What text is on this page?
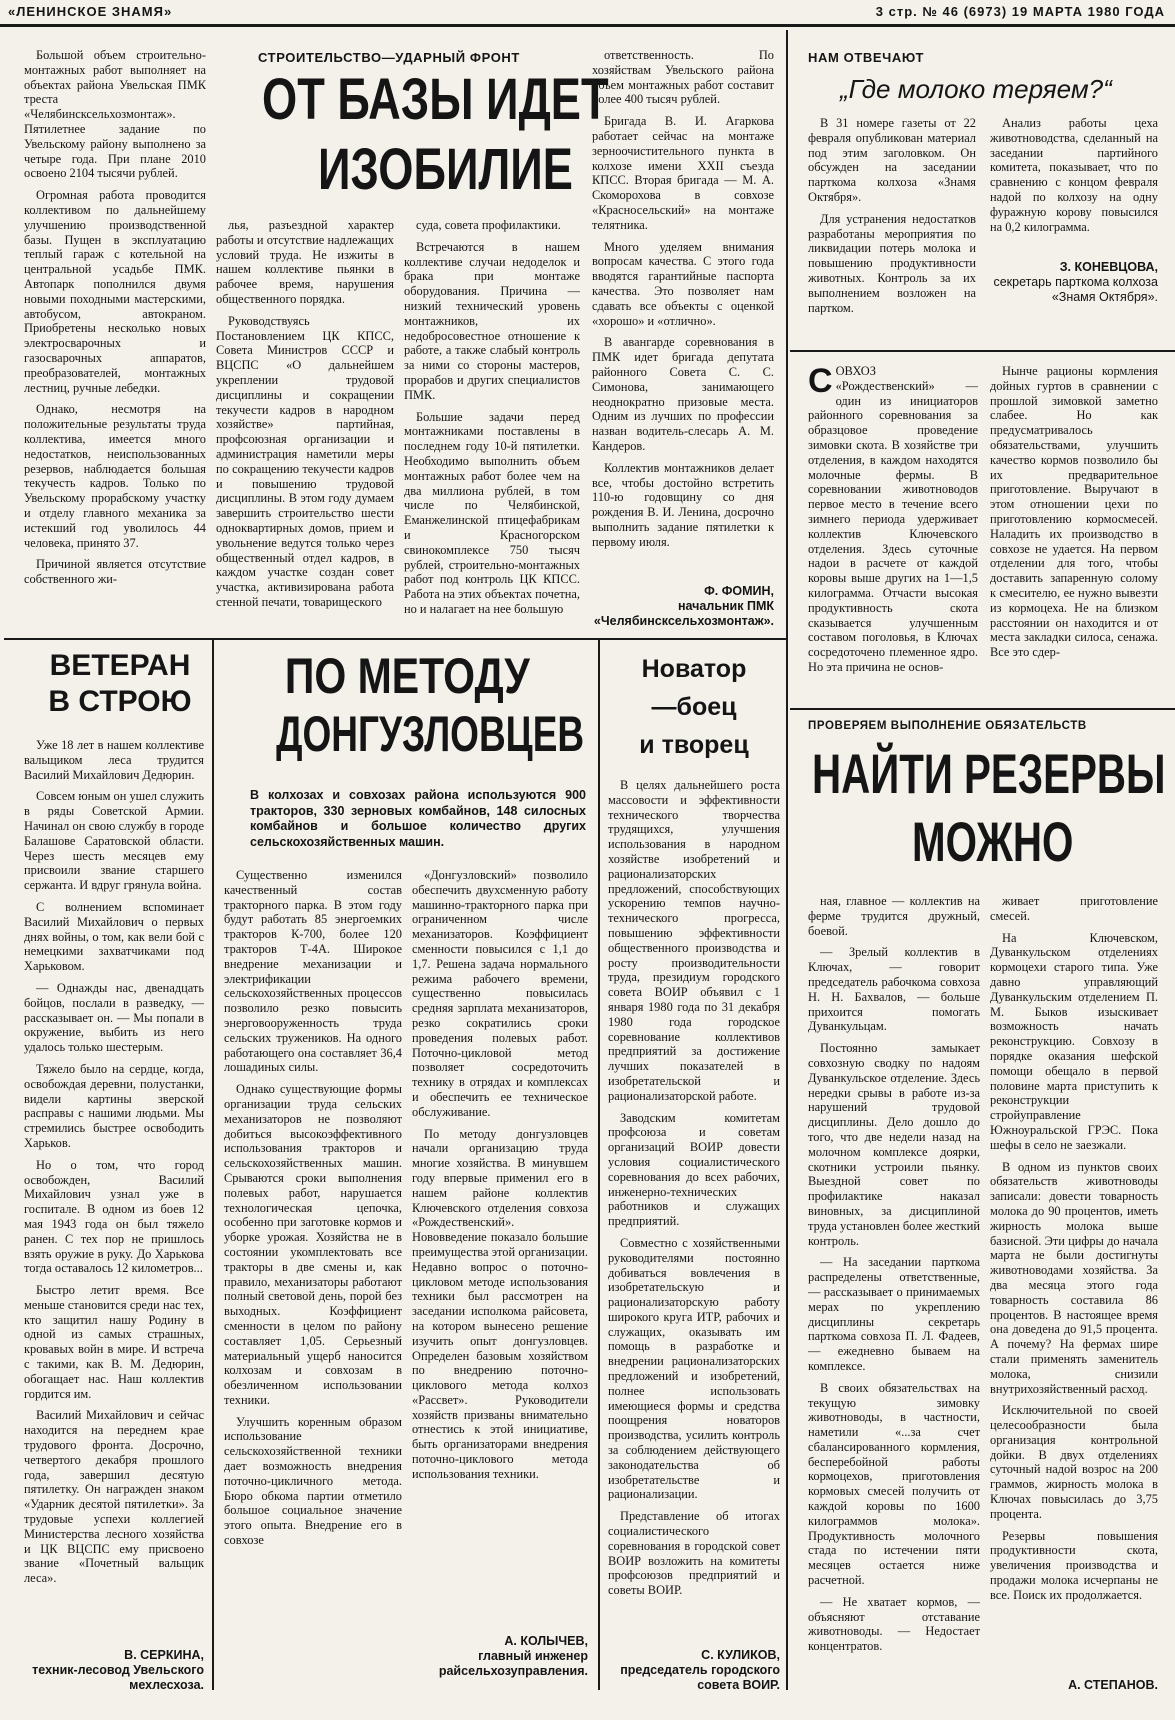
«ЛЕНИНСКОЕ ЗНАМЯ»	3 стр. № 46 (6973) 19 МАРТА 1980 ГОДА
СТРОИТЕЛЬСТВО—УДАРНЫЙ ФРОНТ
ОТ БАЗЫ ИДЕТ
ИЗОБИЛИЕ

Большой объем строительно-монтажных работ выполняет на объектах района Увельская ПМК треста «Челябинсксельхозмонтаж». Пятилетнее задание по Увельскому району выполнено за четыре года. При плане 2010 освоено 2104 тысячи рублей.

Огромная работа проводится коллективом по дальнейшему улучшению производственной базы. Пущен в эксплуатацию теплый гараж с котельной на центральной усадьбе ПМК. Автопарк пополнился двумя новыми походными мастерскими, автобусом, автокраном. Приобретены несколько новых электросварочных и газосварочных аппаратов, преобразователей, монтажных лестниц, ручные лебедки.

Однако, несмотря на положительные результаты труда коллектива, имеется много недостатков, неиспользованных резервов, наблюдается большая текучесть кадров. Только по Увельскому прорабскому участку и отделу главного механика за истекший год уволилось 44 человека, принято 37.

Причиной является отсутствие собственного жи-

лья, разъездной характер работы и отсутствие надлежащих условий труда. Не изжиты в нашем коллективе пьянки в рабочее время, нарушения общественного порядка.

Руководствуясь Постановлением ЦК КПСС, Совета Министров СССР и ВЦСПС «О дальнейшем укреплении трудовой дисциплины и сокращении текучести кадров в народном хозяйстве» партийная, профсоюзная организации и администрация наметили меры по сокращению текучести кадров и повышению трудовой дисциплины. В этом году думаем завершить строительство шести одноквартирных домов, прием и увольнение ведутся только через общественный отдел кадров, в каждом участке создан совет участка, активизирована работа стенной печати, товарищеского

суда, совета профилактики.

Встречаются в нашем коллективе случаи недоделок и брака при монтаже оборудования. Причина — низкий технический уровень монтажников, их недобросовестное отношение к работе, а также слабый контроль за ними со стороны мастеров, прорабов и других специалистов ПМК.

Большие задачи перед монтажниками поставлены в последнем году 10-й пятилетки. Необходимо выполнить объем монтажных работ более чем на два миллиона рублей, в том числе по Челябинской, Еманжелинской птицефабрикам и Красногорском свинокомплексе 750 тысяч рублей, строительно-монтажных работ под контроль ЦК КПСС. Работа на этих объектах почетна, но и налагает на нее большую

ответственность. По хозяйствам Увельского района объем монтажных работ составит более 400 тысяч рублей.

Бригада В. И. Агаркова работает сейчас на монтаже зерноочистительного пункта в колхозе имени XXII съезда КПСС. Вторая бригада — М. А. Скоморохова в совхозе «Красносельский» на монтаже телятника.

Много уделяем внимания вопросам качества. С этого года вводятся гарантийные паспорта качества. Это позволяет нам сдавать все объекты с оценкой «хорошо» и «отлично».

В авангарде соревнования в ПМК идет бригада депутата районного Совета С. С. Симонова, занимающего неоднократно призовые места. Одним из лучших по профессии назван водитель-слесарь А. М. Кандеров.

Коллектив монтажников делает все, чтобы достойно встретить 110-ю годовщину со дня рождения В. И. Ленина, досрочно выполнить задание пятилетки к первому июля.

Ф. ФОМИН,
начальник ПМК «Челябинсксельхозмонтаж».
НАМ ОТВЕЧАЮТ
„Где молоко теряем?“

В 31 номере газеты от 22 февраля опубликован материал под этим заголовком. Он обсужден на заседании парткома колхоза «Знамя Октября».

Для устранения недостатков разработаны мероприятия по ликвидации потерь молока и повышению продуктивности животных. Контроль за их выполнением возложен на партком.

Анализ работы цеха животноводства, сделанный на заседании партийного комитета, показывает, что по сравнению с концом февраля надой по колхозу на одну фуражную корову повысился на 0,2 килограмма.

З. КОНЕВЦОВА,
секретарь парткома колхоза «Знамя Октября».
СОВХОЗ «Рождественский» — один из инициаторов районного соревнования за образцовое проведение зимовки скота. В хозяйстве три отделения, в каждом находятся молочные фермы. В соревновании животноводов первое место в течение всего зимнего периода удерживает коллектив Ключевского отделения. Здесь суточные надои в расчете от каждой коровы выше других на 1—1,5 килограмма. Отчасти высокая продуктивность скота сказывается улучшенным составом поголовья, в Ключах сосредоточено племенное ядро. Но эта причина не основ-

Нынче рационы кормления дойных гуртов в сравнении с прошлой зимовкой заметно слабее. Но как предусматривалось обязательствами, улучшить качество кормов позволило бы их предварительное приготовление. Выручают в этом отношении цехи по приготовлению кормосмесей. Наладить их производство в совхозе не удается. На первом отделении для того, чтобы доставить запаренную солому к смесителю, ее нужно вывезти из кормоцеха. Не на близком расстоянии он находится и от места закладки силоса, сенажа. Все это сдер-

ПРОВЕРЯЕМ ВЫПОЛНЕНИЕ ОБЯЗАТЕЛЬСТВ
НАЙТИ РЕЗЕРВЫ
МОЖНО

ная, главное — коллектив на ферме трудится дружный, боевой.

— Зрелый коллектив в Ключах, — говорит председатель рабочкома совхоза Н. Н. Бахвалов, — больше прихоится помогать Дуванкульцам.

Постоянно замыкает совхозную сводку по надоям Дуванкульское отделение. Здесь нередки срывы в работе из-за нарушений трудовой дисциплины. Дело дошло до того, что две недели назад на молочном комплексе доярки, скотники устроили пьянку. Выездной совет по профилактике наказал виновных, за дисциплиной труда установлен более жесткий контроль.

— На заседании парткома распределены ответственные, — рассказывает о принимаемых мерах по укреплению дисциплины секретарь парткома совхоза П. Л. Фадеев, — ежедневно бываем на комплексе.

В своих обязательствах на текущую зимовку животноводы, в частности, наметили «...за счет сбалансированного кормления, бесперебойной работы кормоцехов, приготовления кормовых смесей получить от каждой коровы по 1600 килограммов молока». Продуктивность молочного стада по истечении пяти месяцев остается ниже расчетной.

— Не хватает кормов, — объясняют отставание животноводы. — Недостает концентратов.

живает приготовление смесей.

На Ключевском, Дуванкульском отделениях кормоцехи старого типа. Уже давно управляющий Дуванкульским отделением П. М. Быков изыскивает возможность начать реконструкцию. Совхозу в порядке оказания шефской помощи обещало в первой половине марта приступить к реконструкции стройуправление Южноуральской ГРЭС. Пока шефы в село не заезжали.

В одном из пунктов своих обязательств животноводы записали: довести товарность молока до 90 процентов, иметь жирность молока выше базисной. Эти цифры до начала марта не были достигнуты животноводами хозяйства. За два месяца этого года товарность составила 86 процентов. В настоящее время она доведена до 91,5 процента. А почему? На фермах шире стали применять заменитель молока, снизили внутрихозяйственный расход.

Исключительной по своей целесообразности была организация контрольной дойки. В двух отделениях суточный надой возрос на 200 граммов, жирность молока в Ключах повысилась до 3,75 процента.

Резервы повышения продуктивности скота, увеличения производства и продажи молока исчерпаны не все. Поиск их продолжается.

А. СТЕПАНОВ.
ВЕТЕРАН
В СТРОЮ

Уже 18 лет в нашем коллективе вальщиком леса трудится Василий Михайлович Дедюрин.

Совсем юным он ушел служить в ряды Советской Армии. Начинал он свою службу в городе Балашове Саратовской области. Через шесть месяцев ему присвоили звание старшего сержанта. И вдруг грянула война.

С волнением вспоминает Василий Михайлович о первых днях войны, о том, как вели бой с немецкими захватчиками под Харьковом.

— Однажды нас, двенадцать бойцов, послали в разведку, — рассказывает он. — Мы попали в окружение, выбить из него удалось только шестерым.

Тяжело было на сердце, когда, освобождая деревни, полустанки, видели картины зверской расправы с нашими людьми. Мы стремились быстрее освободить Харьков.

Но о том, что город освобожден, Василий Михайлович узнал уже в госпитале. В одном из боев 12 мая 1943 года он был тяжело ранен. С тех пор не пришлось взять оружие в руку. До Харькова тогда оставалось 12 километров...

Быстро летит время. Все меньше становится среди нас тех, кто защитил нашу Родину в одной из самых страшных, кровавых войн в мире. И встреча с такими, как В. М. Дедюрин, обогащает нас. Наш коллектив гордится им.

Василий Михайлович и сейчас находится на переднем крае трудового фронта. Досрочно, четвертого декабря прошлого года, завершил десятую пятилетку. Он награжден знаком «Ударник десятой пятилетки». За трудовые успехи коллегией Министерства лесного хозяйства и ЦК ВЦСПС ему присвоено звание «Почетный вальщик леса».

В. СЕРКИНА,
техник-лесовод Увельского мехлесхоза.
ПО МЕТОДУ
ДОНГУЗЛОВЦЕВ
В колхозах и совхозах района используются 900 тракторов, 330 зерновых комбайнов, 148 силосных комбайнов и большое количество других сельскохозяйственных машин.

Существенно изменился качественный состав тракторного парка. В этом году будут работать 85 энергоемких тракторов К-700, более 120 тракторов Т-4А. Широкое внедрение механизации и электрификации сельскохозяйственных процессов позволило резко повысить энерговооруженность труда сельских тружеников. На одного работающего она составляет 36,4 лошадиных силы.

Однако существующие формы организации труда сельских механизаторов не позволяют добиться высокоэффективного использования тракторов и сельскохозяйственных машин. Срываются сроки выполнения полевых работ, нарушается технологическая цепочка, особенно при заготовке кормов и уборке урожая. Хозяйства не в состоянии укомплектовать все тракторы в две смены и, как правило, механизаторы работают полный световой день, порой без выходных. Коэффициент сменности в целом по району составляет 1,05. Серьезный материальный ущерб наносится колхозам и совхозам в обезличенном использовании техники.

Улучшить коренным образом использование сельскохозяйственной техники дает возможность внедрения поточно-цикличного метода. Бюро обкома партии отметило большое социальное значение этого опыта. Внедрение его в совхозе

«Донгузловский» позволило обеспечить двухсменную работу машинно-тракторного парка при ограниченном числе механизаторов. Коэффициент сменности повысился с 1,1 до 1,7. Решена задача нормального режима рабочего времени, существенно повысилась средняя зарплата механизаторов, резко сократились сроки проведения полевых работ. Поточно-цикловой метод позволяет сосредоточить технику в отрядах и комплексах и обеспечить ее техническое обслуживание.

По методу донгузловцев начали организацию труда многие хозяйства. В минувшем году впервые применил его в нашем районе коллектив Ключевского отделения совхоза «Рождественский». Нововведение показало большие преимущества этой организации. Недавно вопрос о поточно-цикловом методе использования техники был рассмотрен на заседании исполкома райсовета, на котором вынесено решение изучить опыт донгузловцев. Определен базовым хозяйством по внедрению поточно-циклового метода колхоз «Рассвет». Руководители хозяйств призваны внимательно отнестись к этой инициативе, быть организаторами внедрения поточно-циклового метода использования техники.

А. КОЛЫЧЕВ,
главный инженер райсельхозуправления.
Новатор
—боец
и творец

В целях дальнейшего роста массовости и эффективности технического творчества трудящихся, улучшения использования в народном хозяйстве изобретений и рационализаторских предложений, способствующих ускорению темпов научно-технического прогресса, повышению эффективности общественного производства и росту производительности труда, президиум городского совета ВОИР объявил с 1 января 1980 года по 31 декабря 1980 года городское соревнование коллективов предприятий за достижение лучших показателей в изобретательской и рационализаторской работе.

Заводским комитетам профсоюза и советам организаций ВОИР довести условия социалистического соревнования до всех рабочих, инженерно-технических работников и служащих предприятий.

Совместно с хозяйственными руководителями постоянно добиваться вовлечения в изобретательскую и рационализаторскую работу широкого круга ИТР, рабочих и служащих, оказывать им помощь в разработке и внедрении рационализаторских предложений и изобретений, полнее использовать имеющиеся формы и средства поощрения новаторов производства, усилить контроль за соблюдением действующего законодательства об изобретательстве и рационализации.

Представление об итогах социалистического соревнования в городской совет ВОИР возложить на комитеты профсоюзов предприятий и советы ВОИР.

С. КУЛИКОВ,
председатель городского совета ВОИР.
